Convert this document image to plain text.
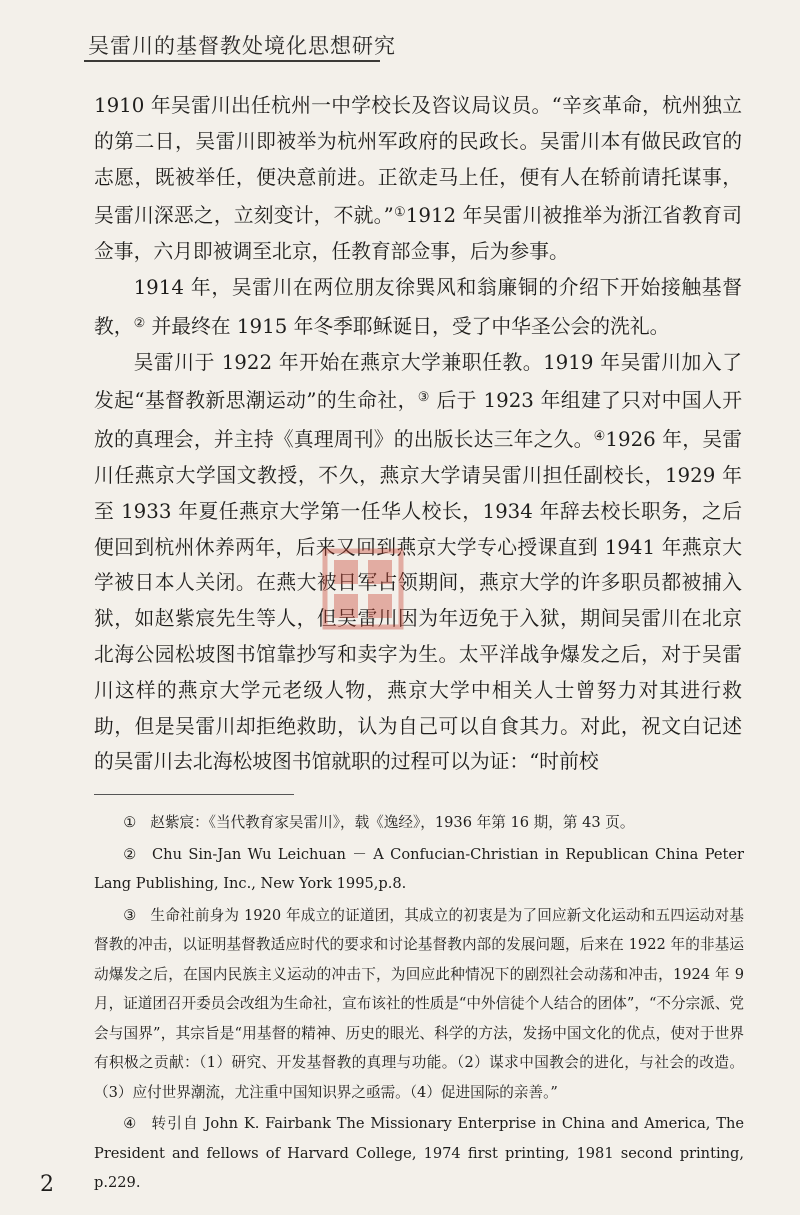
吴雷川的基督教处境化思想研究

1910 年吴雷川出任杭州一中学校长及咨议局议员。“辛亥革命，杭州独立的第二日，吴雷川即被举为杭州军政府的民政长。吴雷川本有做民政官的志愿，既被举任，便决意前进。正欲走马上任，便有人在轿前请托谋事，吴雷川深恶之，立刻变计，不就。”①1912 年吴雷川被推举为浙江省教育司佥事，六月即被调至北京，任教育部佥事，后为参事。

1914 年，吴雷川在两位朋友徐巽风和翁廉铜的介绍下开始接触基督教，② 并最终在 1915 年冬季耶稣诞日，受了中华圣公会的洗礼。

吴雷川于 1922 年开始在燕京大学兼职任教。1919 年吴雷川加入了发起“基督教新思潮运动”的生命社，③ 后于 1923 年组建了只对中国人开放的真理会，并主持《真理周刊》的出版长达三年之久。④1926 年，吴雷川任燕京大学国文教授，不久，燕京大学请吴雷川担任副校长，1929 年至 1933 年夏任燕京大学第一任华人校长，1934 年辞去校长职务，之后便回到杭州休养两年，后来又回到燕京大学专心授课直到 1941 年燕京大学被日本人关闭。在燕大被日军占领期间，燕京大学的许多职员都被捕入狱，如赵紫宸先生等人，但吴雷川因为年迈免于入狱，期间吴雷川在北京北海公园松坡图书馆靠抄写和卖字为生。太平洋战争爆发之后，对于吴雷川这样的燕京大学元老级人物，燕京大学中相关人士曾努力对其进行救助，但是吴雷川却拒绝救助，认为自己可以自食其力。对此，祝文白记述的吴雷川去北海松坡图书馆就职的过程可以为证：“时前校

① 赵紫宸：《当代教育家吴雷川》，载《逸经》，1936 年第 16 期，第 43 页。

② Chu Sin-Jan Wu Leichuan － A Confucian-Christian in Republican China Peter Lang Publishing, Inc., New York 1995,p.8.

③ 生命社前身为 1920 年成立的证道团，其成立的初衷是为了回应新文化运动和五四运动对基督教的冲击，以证明基督教适应时代的要求和讨论基督教内部的发展问题，后来在 1922 年的非基运动爆发之后，在国内民族主义运动的冲击下，为回应此种情况下的剧烈社会动荡和冲击，1924 年 9 月，证道团召开委员会改组为生命社，宣布该社的性质是“中外信徒个人结合的团体”，“不分宗派、党会与国界”，其宗旨是“用基督的精神、历史的眼光、科学的方法，发扬中国文化的优点，使对于世界有积极之贡献：（1）研究、开发基督教的真理与功能。（2）谋求中国教会的进化，与社会的改造。（3）应付世界潮流，尤注重中国知识界之亟需。（4）促进国际的亲善。”

④ 转引自 John K. Fairbank The Missionary Enterprise in China and America, The President and fellows of Harvard College, 1974 first printing, 1981 second printing, p.229.

2
